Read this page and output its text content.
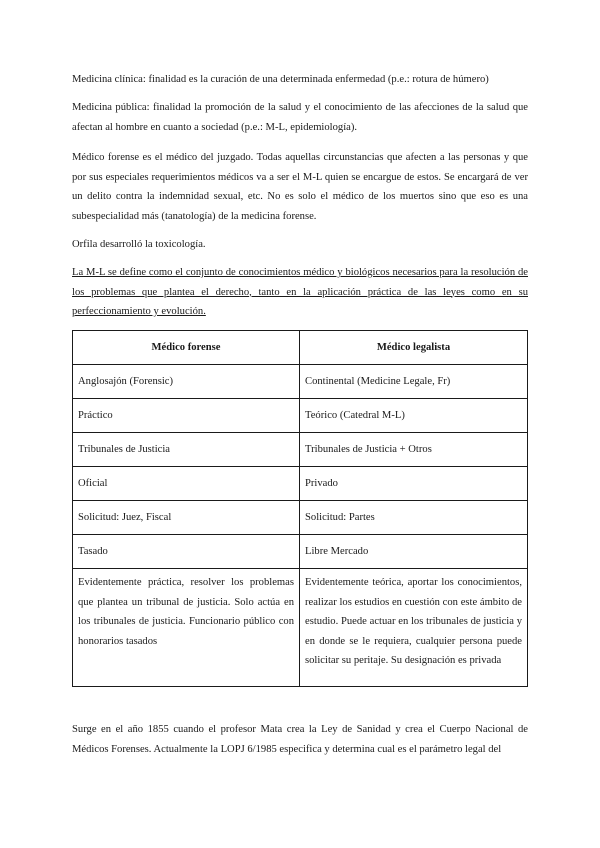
Medicina clínica: finalidad es la curación de una determinada enfermedad (p.e.: rotura de húmero)

Medicina pública: finalidad la promoción de la salud y el conocimiento de las afecciones de la salud que afectan al hombre en cuanto a sociedad (p.e.: M-L, epidemiología).

Médico forense es el médico del juzgado. Todas aquellas circunstancias que afecten a las personas y que por sus especiales requerimientos médicos va a ser el M-L quien se encargue de estos. Se encargará de ver un delito contra la indemnidad sexual, etc. No es solo el médico de los muertos sino que eso es una subespecialidad más (tanatología) de la medicina forense.

Orfila desarrolló la toxicología.

La M-L se define como el conjunto de conocimientos médico y biológicos necesarios para la resolución de los problemas que plantea el derecho, tanto en la aplicación práctica de las leyes como en su perfeccionamiento y evolución.

Médico forense	Médico legalista
Anglosajón (Forensic)	Continental (Medicine Legale, Fr)
Práctico	Teórico (Catedral M-L)
Tribunales de Justicia	Tribunales de Justicia + Otros
Oficial	Privado
Solicitud: Juez, Fiscal	Solicitud: Partes
Tasado	Libre Mercado
Evidentemente práctica, resolver los problemas que plantea un tribunal de justicia. Solo actúa en los tribunales de justicia. Funcionario público con honorarios tasados	Evidentemente teórica, aportar los conocimientos, realizar los estudios en cuestión con este ámbito de estudio. Puede actuar en los tribunales de justicia y en donde se le requiera, cualquier persona puede solicitar su peritaje. Su designación es privada

Surge en el año 1855 cuando el profesor Mata crea la Ley de Sanidad y crea el Cuerpo Nacional de Médicos Forenses. Actualmente la LOPJ 6/1985 especifica y determina cual es el parámetro legal del
